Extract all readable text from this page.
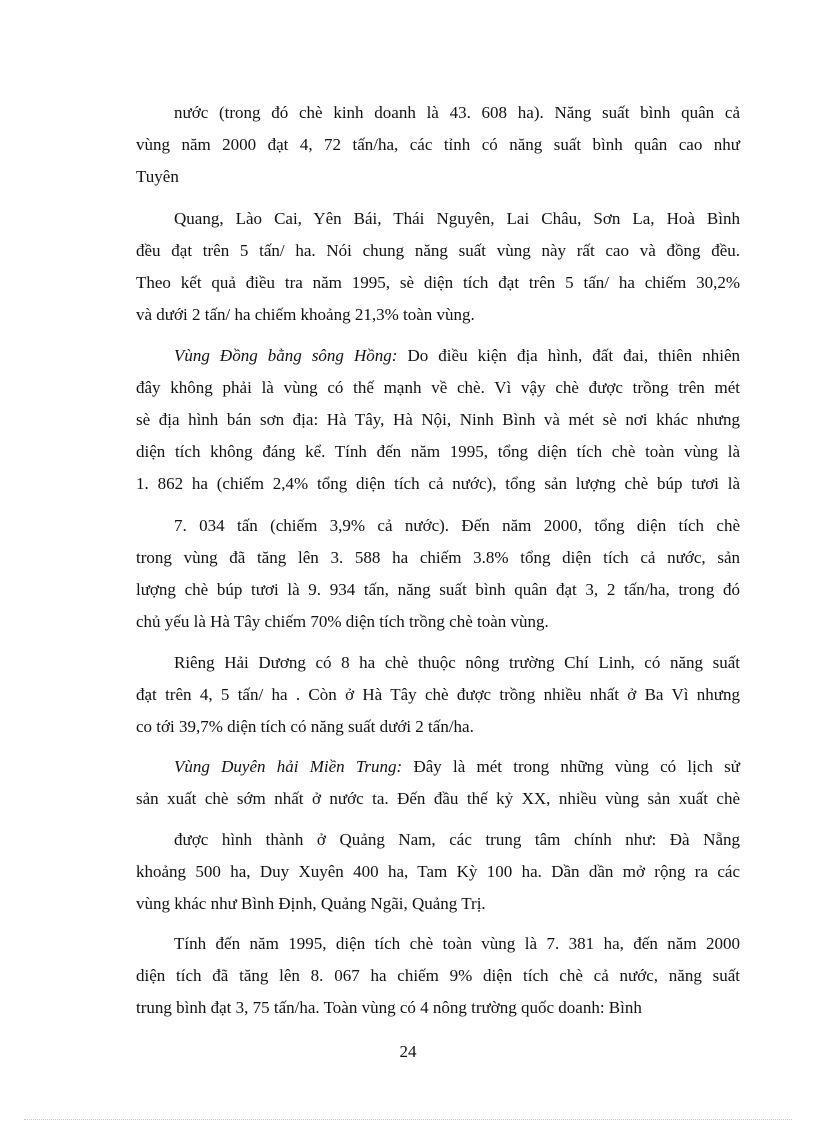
nước (trong đó chè kinh doanh là 43. 608 ha). Năng suất bình quân cả
vùng năm 2000 đạt 4, 72 tấn/ha, các tỉnh có năng suất bình quân cao như
Tuyên

Quang, Lào Cai, Yên Bái, Thái Nguyên, Lai Châu, Sơn La, Hoà Bình
đều đạt trên 5 tấn/ ha. Nói chung năng suất vùng này rất cao và đồng đều.
Theo kết quả điều tra năm 1995, sè diện tích đạt trên 5 tấn/ ha chiếm 30,2%
và dưới 2 tấn/ ha chiếm khoảng 21,3% toàn vùng.

Vùng Đồng bằng sông Hồng: Do điều kiện địa hình, đất đai, thiên nhiên
đây không phải là vùng có thế mạnh về chè. Vì vậy chè được trồng trên mét
sè địa hình bán sơn địa: Hà Tây, Hà Nội, Ninh Bình và mét sè nơi khác nhưng
diện tích không đáng kể. Tính đến năm 1995, tổng diện tích chè toàn vùng là
1. 862 ha (chiếm 2,4% tổng diện tích cả nước), tổng sản lượng chè búp tươi là

7. 034 tấn (chiếm 3,9% cả nước). Đến năm 2000, tổng diện tích chè
trong vùng đã tăng lên 3. 588 ha chiếm 3.8% tổng diện tích cả nước, sản
lượng chè búp tươi là 9. 934 tấn, năng suất bình quân đạt 3, 2 tấn/ha, trong đó
chủ yếu là Hà Tây chiếm 70% diện tích trồng chè toàn vùng.

Riêng Hải Dương có 8 ha chè thuộc nông trường Chí Linh, có năng suất
đạt trên 4, 5 tấn/ ha . Còn ở Hà Tây chè được trồng nhiều nhất ở Ba Vì nhưng
co tới 39,7% diện tích có năng suất dưới 2 tấn/ha.

Vùng Duyên hải Miền Trung: Đây là mét trong những vùng có lịch sử
sản xuất chè sớm nhất ở nước ta. Đến đầu thế kỷ XX, nhiều vùng sản xuất chè

được hình thành ở Quảng Nam, các trung tâm chính như: Đà Nẵng
khoảng 500 ha, Duy Xuyên 400 ha, Tam Kỳ 100 ha. Dần dần mở rộng ra các
vùng khác như Bình Định, Quảng Ngãi, Quảng Trị.

Tính đến năm 1995, diện tích chè toàn vùng là 7. 381 ha, đến năm 2000
diện tích đã tăng lên 8. 067 ha chiếm 9% diện tích chè cả nước, năng suất
trung bình đạt 3, 75 tấn/ha. Toàn vùng có 4 nông trường quốc doanh: Bình

24
